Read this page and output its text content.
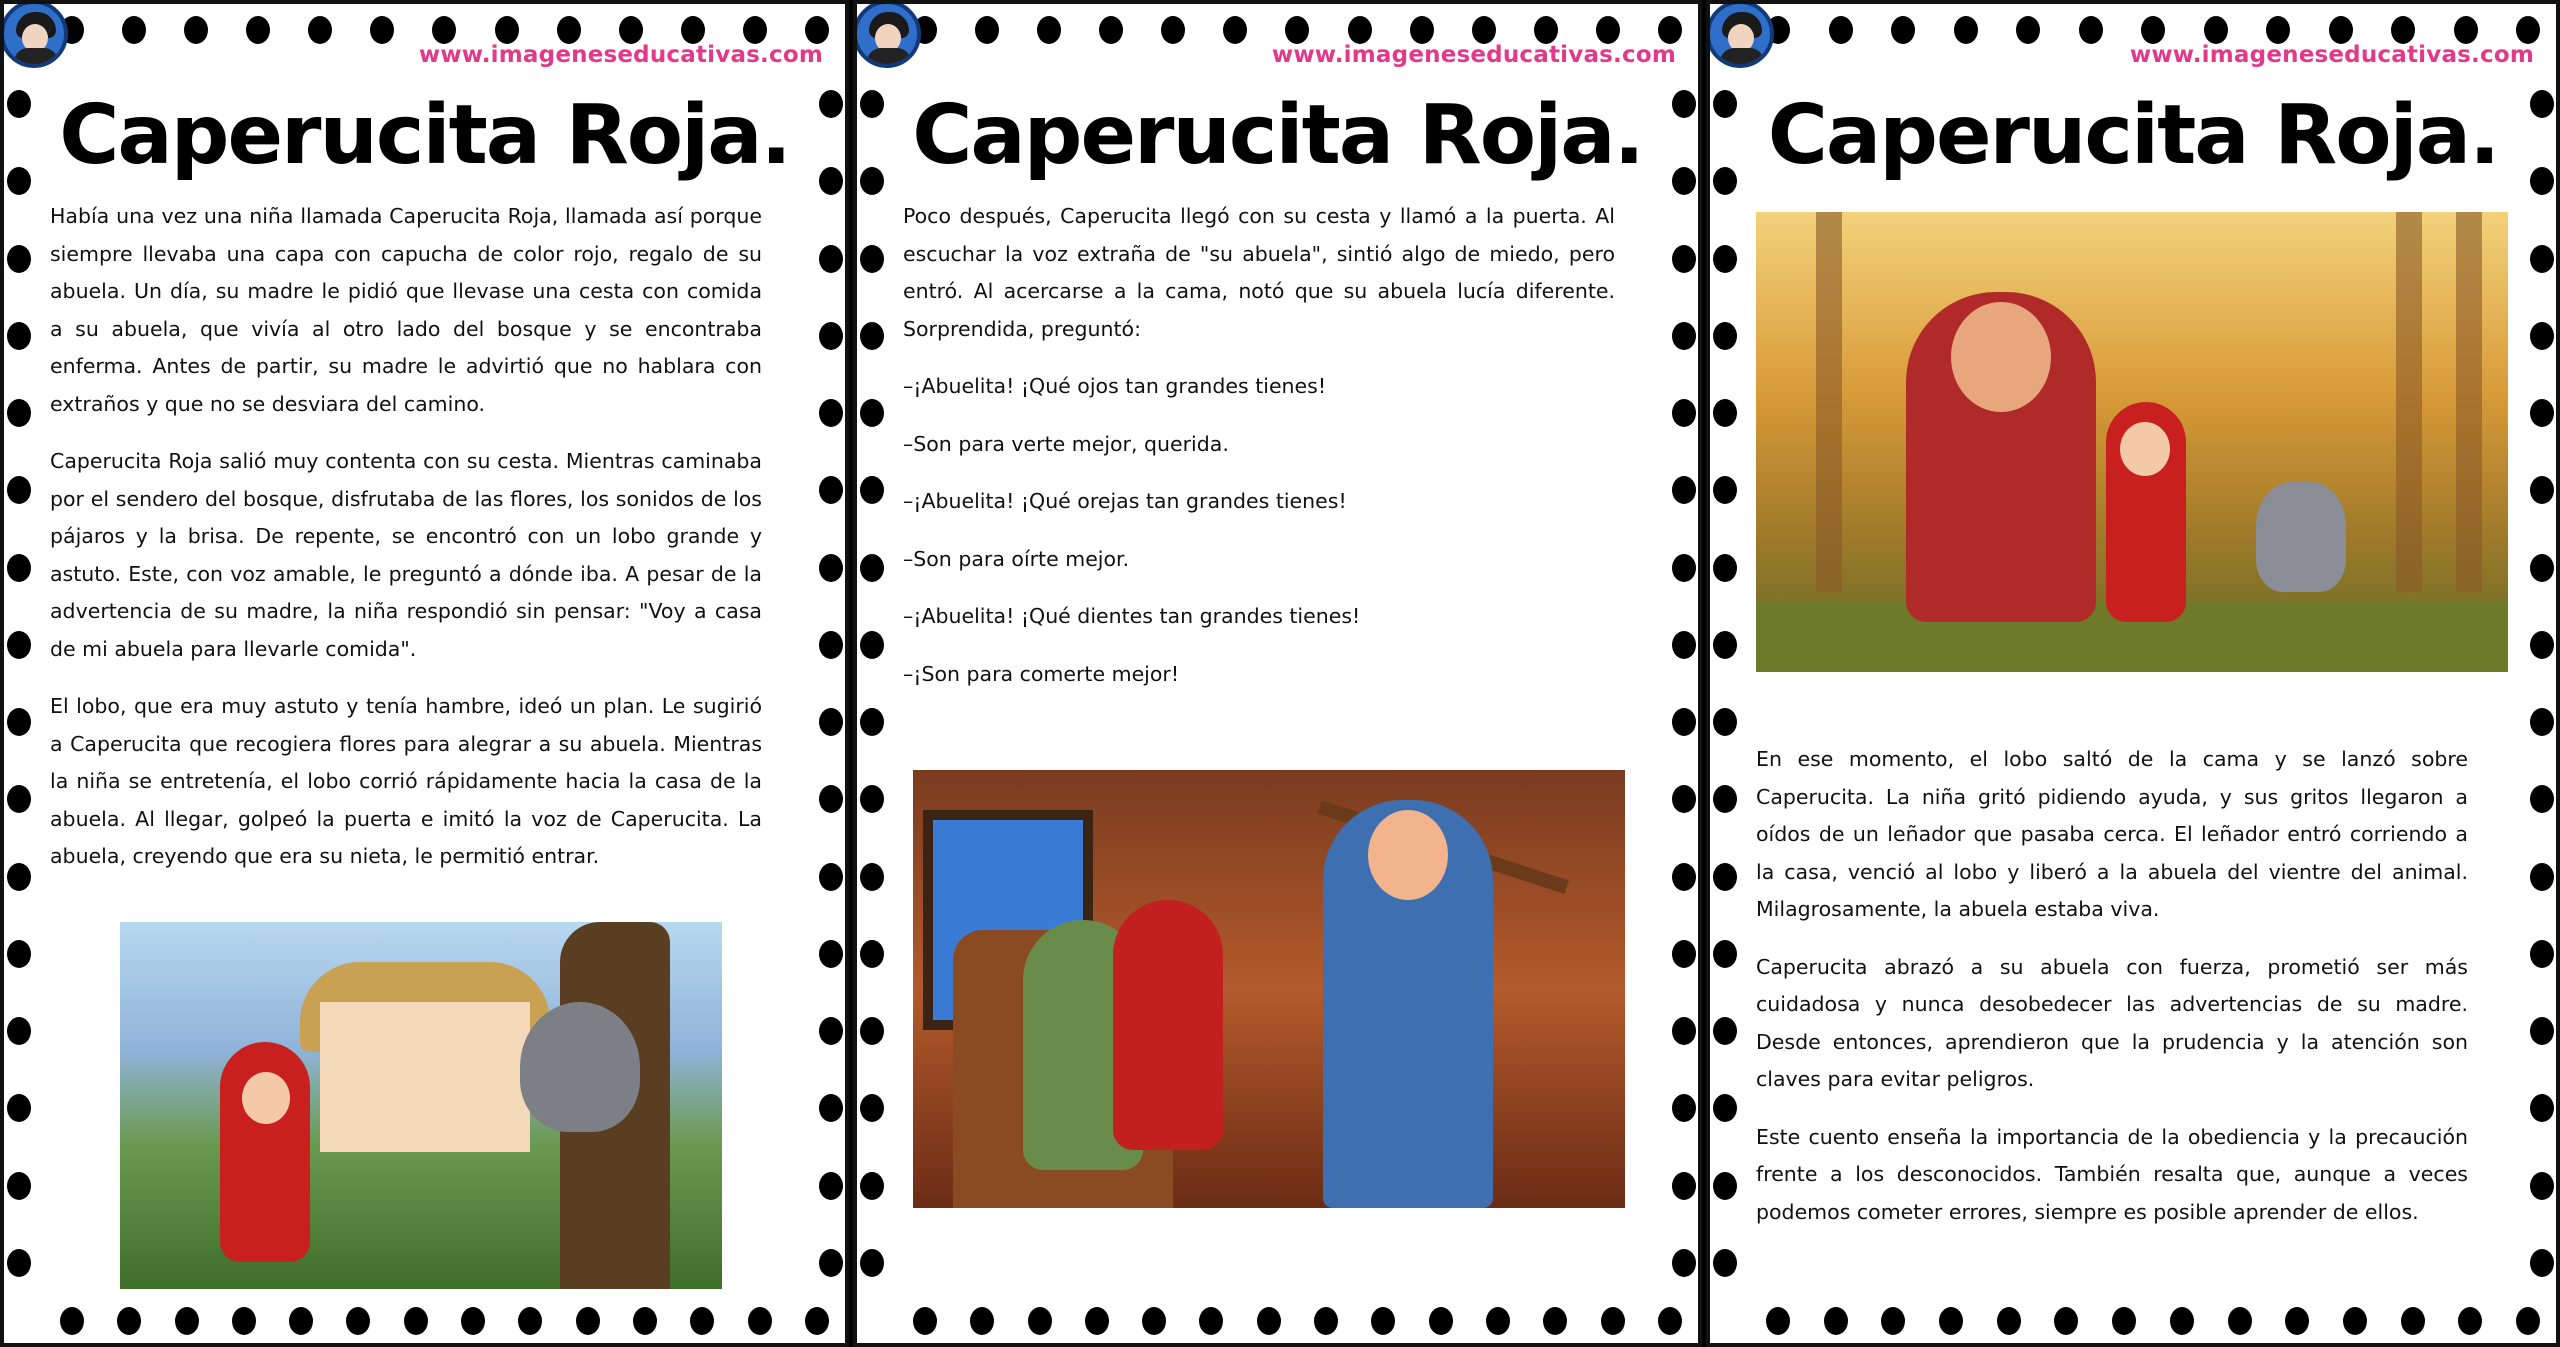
www.imageneseducativas.com
Caperucita Roja.

Había una vez una niña llamada Caperucita Roja, llamada así porque siempre llevaba una capa con capucha de color rojo, regalo de su abuela. Un día, su madre le pidió que llevase una cesta con comida a su abuela, que vivía al otro lado del bosque y se encontraba enferma. Antes de partir, su madre le advirtió que no hablara con extraños y que no se desviara del camino.

Caperucita Roja salió muy contenta con su cesta. Mientras caminaba por el sendero del bosque, disfrutaba de las flores, los sonidos de los pájaros y la brisa. De repente, se encontró con un lobo grande y astuto. Este, con voz amable, le preguntó a dónde iba. A pesar de la advertencia de su madre, la niña respondió sin pensar: "Voy a casa de mi abuela para llevarle comida".

El lobo, que era muy astuto y tenía hambre, ideó un plan. Le sugirió a Caperucita que recogiera flores para alegrar a su abuela. Mientras la niña se entretenía, el lobo corrió rápidamente hacia la casa de la abuela. Al llegar, golpeó la puerta e imitó la voz de Caperucita. La abuela, creyendo que era su nieta, le permitió entrar.

www.imageneseducativas.com
Caperucita Roja.

Poco después, Caperucita llegó con su cesta y llamó a la puerta. Al escuchar la voz extraña de "su abuela", sintió algo de miedo, pero entró. Al acercarse a la cama, notó que su abuela lucía diferente. Sorprendida, preguntó:

–¡Abuelita! ¡Qué ojos tan grandes tienes!

–Son para verte mejor, querida.

–¡Abuelita! ¡Qué orejas tan grandes tienes!

–Son para oírte mejor.

–¡Abuelita! ¡Qué dientes tan grandes tienes!

–¡Son para comerte mejor!

www.imageneseducativas.com
Caperucita Roja.

En ese momento, el lobo saltó de la cama y se lanzó sobre Caperucita. La niña gritó pidiendo ayuda, y sus gritos llegaron a oídos de un leñador que pasaba cerca. El leñador entró corriendo a la casa, venció al lobo y liberó a la abuela del vientre del animal. Milagrosamente, la abuela estaba viva.

Caperucita abrazó a su abuela con fuerza, prometió ser más cuidadosa y nunca desobedecer las advertencias de su madre. Desde entonces, aprendieron que la prudencia y la atención son claves para evitar peligros.

Este cuento enseña la importancia de la obediencia y la precaución frente a los desconocidos. También resalta que, aunque a veces podemos cometer errores, siempre es posible aprender de ellos.
